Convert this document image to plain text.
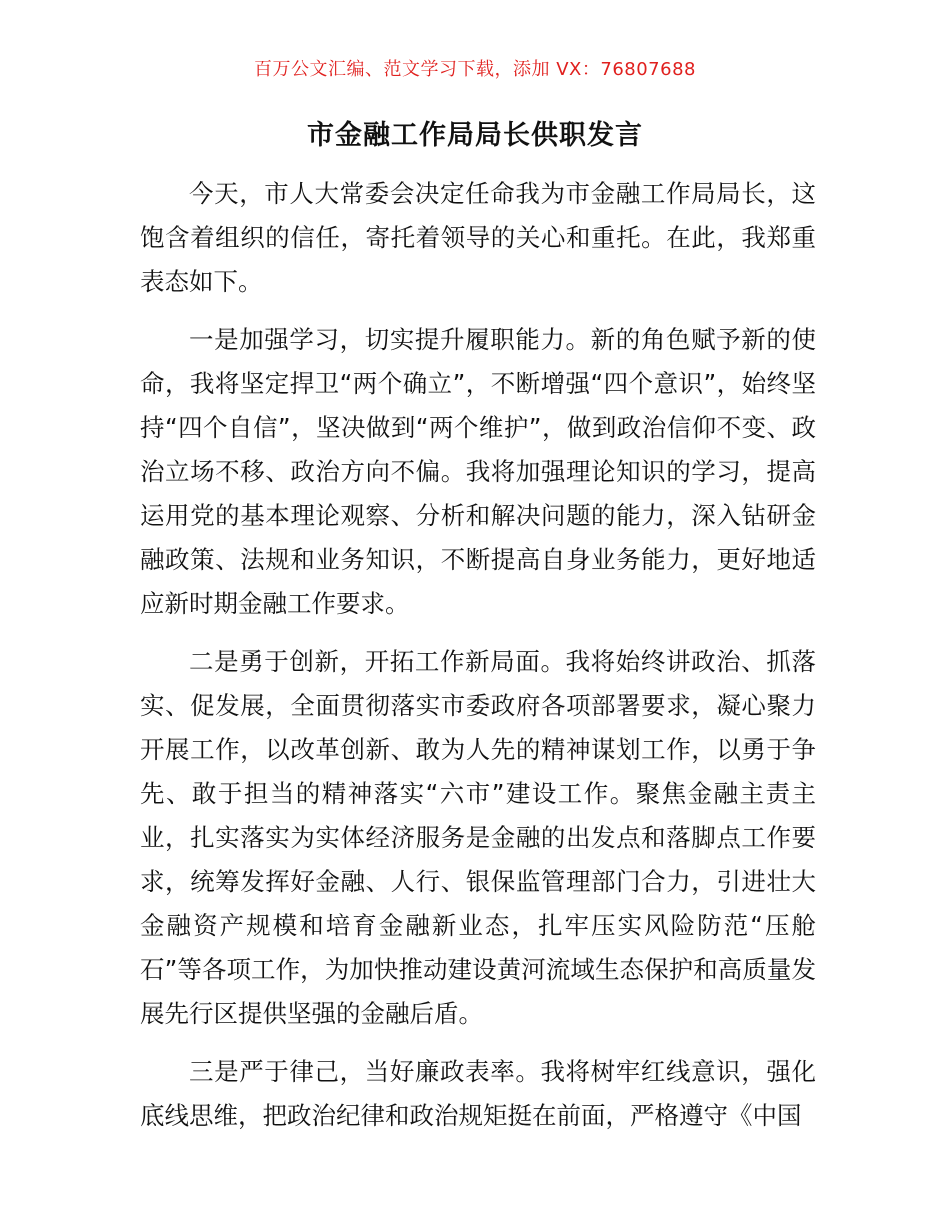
百万公文汇编、范文学习下载，添加 VX：76807688
市金融工作局局长供职发言

今天，市人大常委会决定任命我为市金融工作局局长，这饱含着组织的信任，寄托着领导的关心和重托。在此，我郑重表态如下。

一是加强学习，切实提升履职能力。新的角色赋予新的使命，我将坚定捍卫“两个确立”，不断增强“四个意识”，始终坚持“四个自信”，坚决做到“两个维护”，做到政治信仰不变、政治立场不移、政治方向不偏。我将加强理论知识的学习，提高运用党的基本理论观察、分析和解决问题的能力，深入钻研金融政策、法规和业务知识，不断提高自身业务能力，更好地适应新时期金融工作要求。

二是勇于创新，开拓工作新局面。我将始终讲政治、抓落实、促发展，全面贯彻落实市委政府各项部署要求，凝心聚力开展工作，以改革创新、敢为人先的精神谋划工作，以勇于争先、敢于担当的精神落实“六市”建设工作。聚焦金融主责主业，扎实落实为实体经济服务是金融的出发点和落脚点工作要求，统筹发挥好金融、人行、银保监管理部门合力，引进壮大金融资产规模和培育金融新业态，扎牢压实风险防范“压舱石”等各项工作，为加快推动建设黄河流域生态保护和高质量发展先行区提供坚强的金融后盾。

三是严于律己，当好廉政表率。我将树牢红线意识，强化底线思维，把政治纪律和政治规矩挺在前面，严格遵守《中国
